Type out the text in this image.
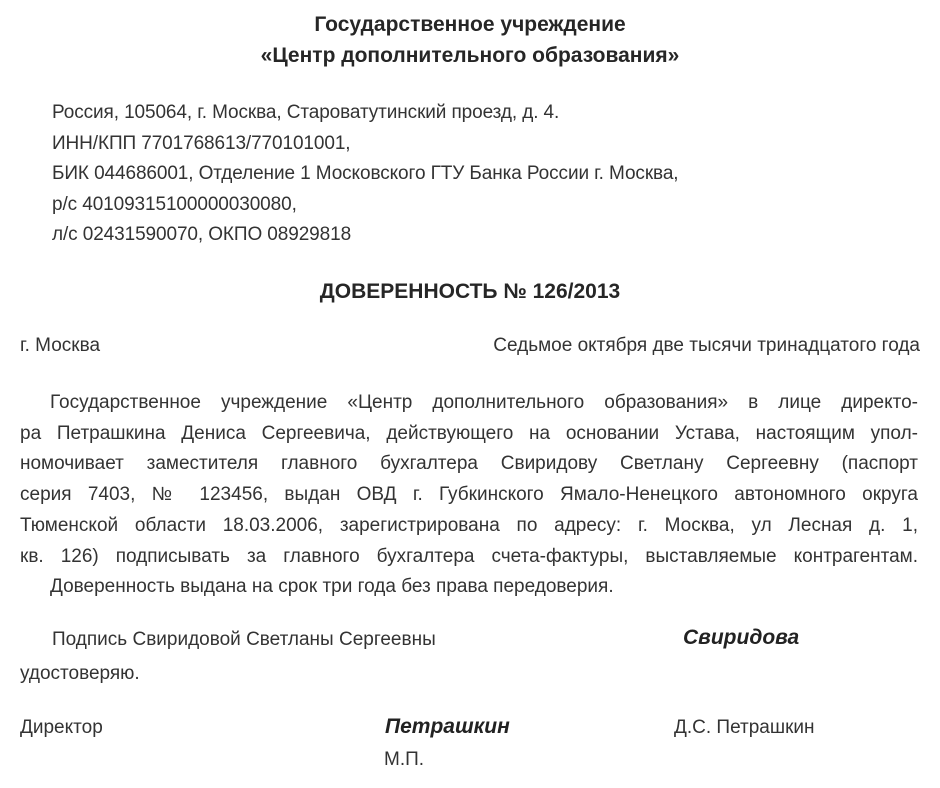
Государственное учреждение
«Центр дополнительного образования»
Россия, 105064, г. Москва, Староватутинский проезд, д. 4.
ИНН/КПП 7701768613/770101001,
БИК 044686001, Отделение 1 Московского ГТУ Банка России г. Москва,
р/с 40109315100000030080,
л/с 02431590070, ОКПО 08929818
ДОВЕРЕННОСТЬ № 126/2013
г. Москва	Седьмое октября две тысячи тринадцатого года
Государственное учреждение «Центр дополнительного образования» в лице директо-
ра Петрашкина Дениса Сергеевича, действующего на основании Устава, настоящим упол-
номочивает заместителя главного бухгалтера Свиридову Светлану Сергеевну (паспорт
серия 7403, № 123456, выдан ОВД г. Губкинского Ямало-Ненецкого автономного округа
Тюменской области 18.03.2006, зарегистрирована по адресу: г. Москва, ул Лесная д. 1,
кв. 126) подписывать за главного бухгалтера счета-фактуры, выставляемые контрагентам.
Доверенность выдана на срок три года без права передоверия.
Подпись Свиридовой Светланы Сергеевны
удостоверяю.
Свиридова
Директор	Петрашкин	Д.С. Петрашкин
М.П.
